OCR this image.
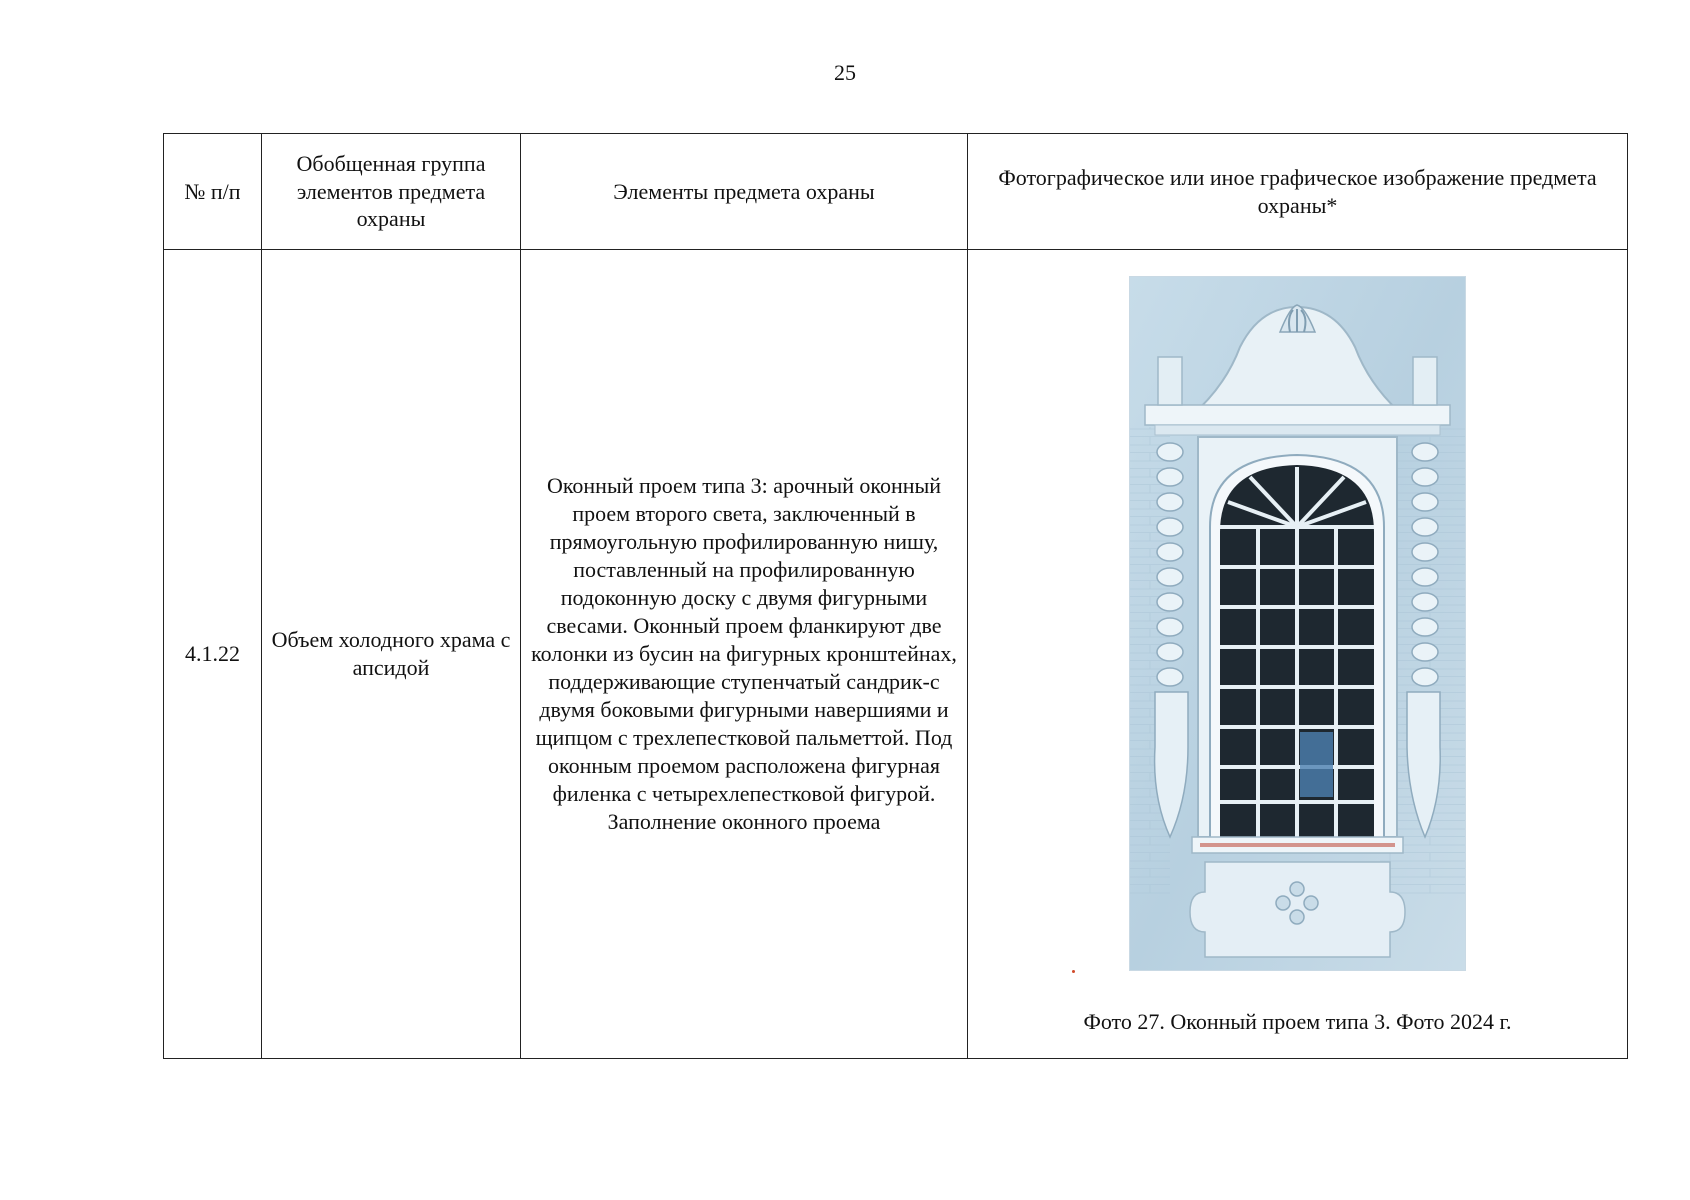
25
№ п/п	Обобщенная группа элементов предмета охраны	Элементы предмета охраны	Фотографическое или иное графическое изображение предмета охраны*
4.1.22	Объем холодного храма с апсидой	Оконный проем типа 3: арочный оконный проем второго света, заключенный в прямоугольную профилированную нишу, поставленный на профилированную подоконную доску с двумя фигурными свесами. Оконный проем фланкируют две колонки из бусин на фигурных кронштейнах, поддерживающие ступенчатый сандрик-с двумя боковыми фигурными навершиями и щипцом с трехлепестковой пальметтой. Под оконным проемом расположена фигурная филенка с четырехлепестковой фигурой. Заполнение оконного проема	Фото 27. Оконный проем типа 3. Фото 2024 г.
